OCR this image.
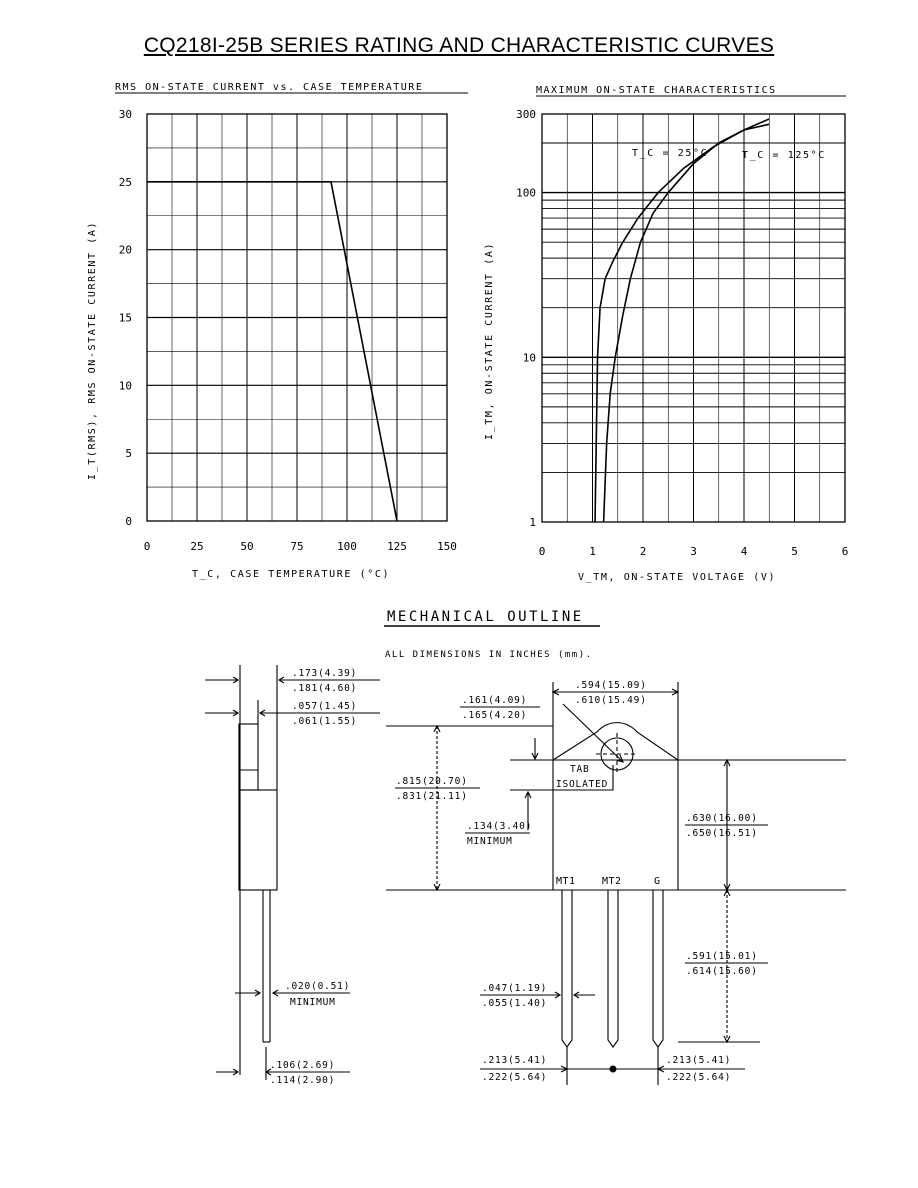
CQ218I-25B SERIES RATING AND CHARACTERISTIC CURVES
RMS ON-STATE CURRENT vs. CASE TEMPERATURE
0	25	50	75	100	125	150
0
5
10
15
20
25
30
T_C, CASE TEMPERATURE (°C)
I_T(RMS), RMS ON-STATE CURRENT (A)
MAXIMUM ON-STATE CHARACTERISTICS
0	1	2	3	4	5	6
1
10
100
300
T_C = 25°C	T_C = 125°C
V_TM, ON-STATE VOLTAGE (V)
I_TM, ON-STATE CURRENT (A)
MECHANICAL OUTLINE
ALL DIMENSIONS IN INCHES (mm).
.173(4.39)
.181(4.60)
.057(1.45)
.061(1.55)
.020(0.51)
MINIMUM
.106(2.69)
.114(2.90)
.161(4.09)
.165(4.20)
.594(15.09)
.610(15.49)
.815(20.70)
.831(21.11)
.134(3.40)
MINIMUM
.630(16.00)
.650(16.51)
.591(15.01)
.614(15.60)
.047(1.19)
.055(1.40)
.213(5.41)
.222(5.64)
.213(5.41)
.222(5.64)
TAB
ISOLATED
MT1	MT2	G
